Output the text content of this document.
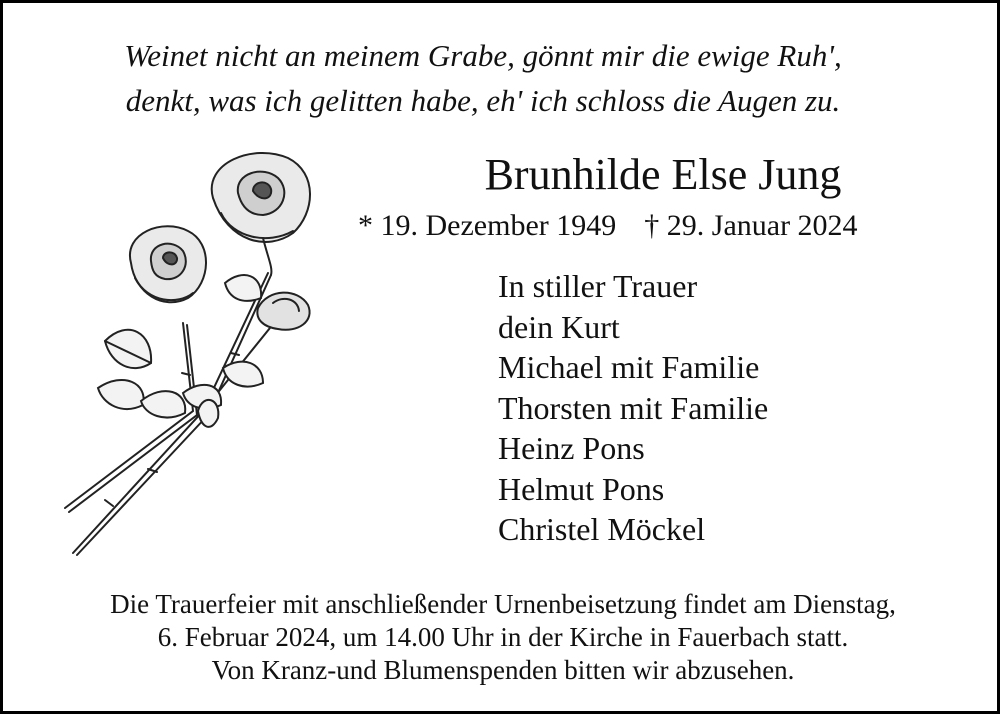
Weinet nicht an meinem Grabe, gönnt mir die ewige Ruh',
denkt, was ich gelitten habe, eh' ich schloss die Augen zu.
Brunhilde Else Jung
* 19. Dezember 1949 † 29. Januar 2024
In stiller Trauer
dein Kurt
Michael mit Familie
Thorsten mit Familie
Heinz Pons
Helmut Pons
Christel Möckel
Die Trauerfeier mit anschließender Urnenbeisetzung findet am Dienstag,
6. Februar 2024, um 14.00 Uhr in der Kirche in Fauerbach statt.
Von Kranz-und Blumenspenden bitten wir abzusehen.
